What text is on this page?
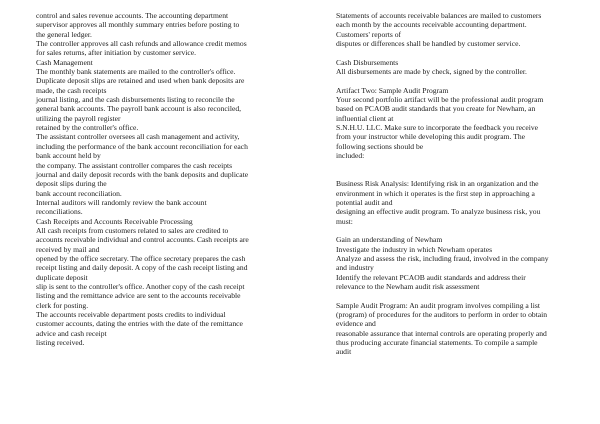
control and sales revenue accounts. The accounting department
supervisor approves all monthly summary entries before posting to
the general ledger.
The controller approves all cash refunds and allowance credit memos
for sales returns, after initiation by customer service.
Cash Management
The monthly bank statements are mailed to the controller's office.
Duplicate deposit slips are retained and used when bank deposits are
made, the cash receipts
journal listing, and the cash disbursements listing to reconcile the
general bank accounts. The payroll bank account is also reconciled,
utilizing the payroll register
retained by the controller's office.
The assistant controller oversees all cash management and activity,
including the performance of the bank account reconciliation for each
bank account held by
the company. The assistant controller compares the cash receipts
journal and daily deposit records with the bank deposits and duplicate
deposit slips during the
bank account reconciliation.
Internal auditors will randomly review the bank account
reconciliations.
Cash Receipts and Accounts Receivable Processing
All cash receipts from customers related to sales are credited to
accounts receivable individual and control accounts. Cash receipts are
received by mail and
opened by the office secretary. The office secretary prepares the cash
receipt listing and daily deposit. A copy of the cash receipt listing and
duplicate deposit
slip is sent to the controller's office. Another copy of the cash receipt
listing and the remittance advice are sent to the accounts receivable
clerk for posting.
The accounts receivable department posts credits to individual
customer accounts, dating the entries with the date of the remittance
advice and cash receipt
listing received.
Statements of accounts receivable balances are mailed to customers
each month by the accounts receivable accounting department.
Customers' reports of
disputes or differences shall be handled by customer service.
Cash Disbursements
All disbursements are made by check, signed by the controller.
Artifact Two: Sample Audit Program
Your second portfolio artifact will be the professional audit program
based on PCAOB audit standards that you create for Newham, an
influential client at
S.N.H.U. LLC. Make sure to incorporate the feedback you receive
from your instructor while developing this audit program. The
following sections should be
included:
Business Risk Analysis: Identifying risk in an organization and the
environment in which it operates is the first step in approaching a
potential audit and
designing an effective audit program. To analyze business risk, you
must:
Gain an understanding of Newham
Investigate the industry in which Newham operates
Analyze and assess the risk, including fraud, involved in the company
and industry
Identify the relevant PCAOB audit standards and address their
relevance to the Newham audit risk assessment
Sample Audit Program: An audit program involves compiling a list
(program) of procedures for the auditors to perform in order to obtain
evidence and
reasonable assurance that internal controls are operating properly and
thus producing accurate financial statements. To compile a sample
audit
